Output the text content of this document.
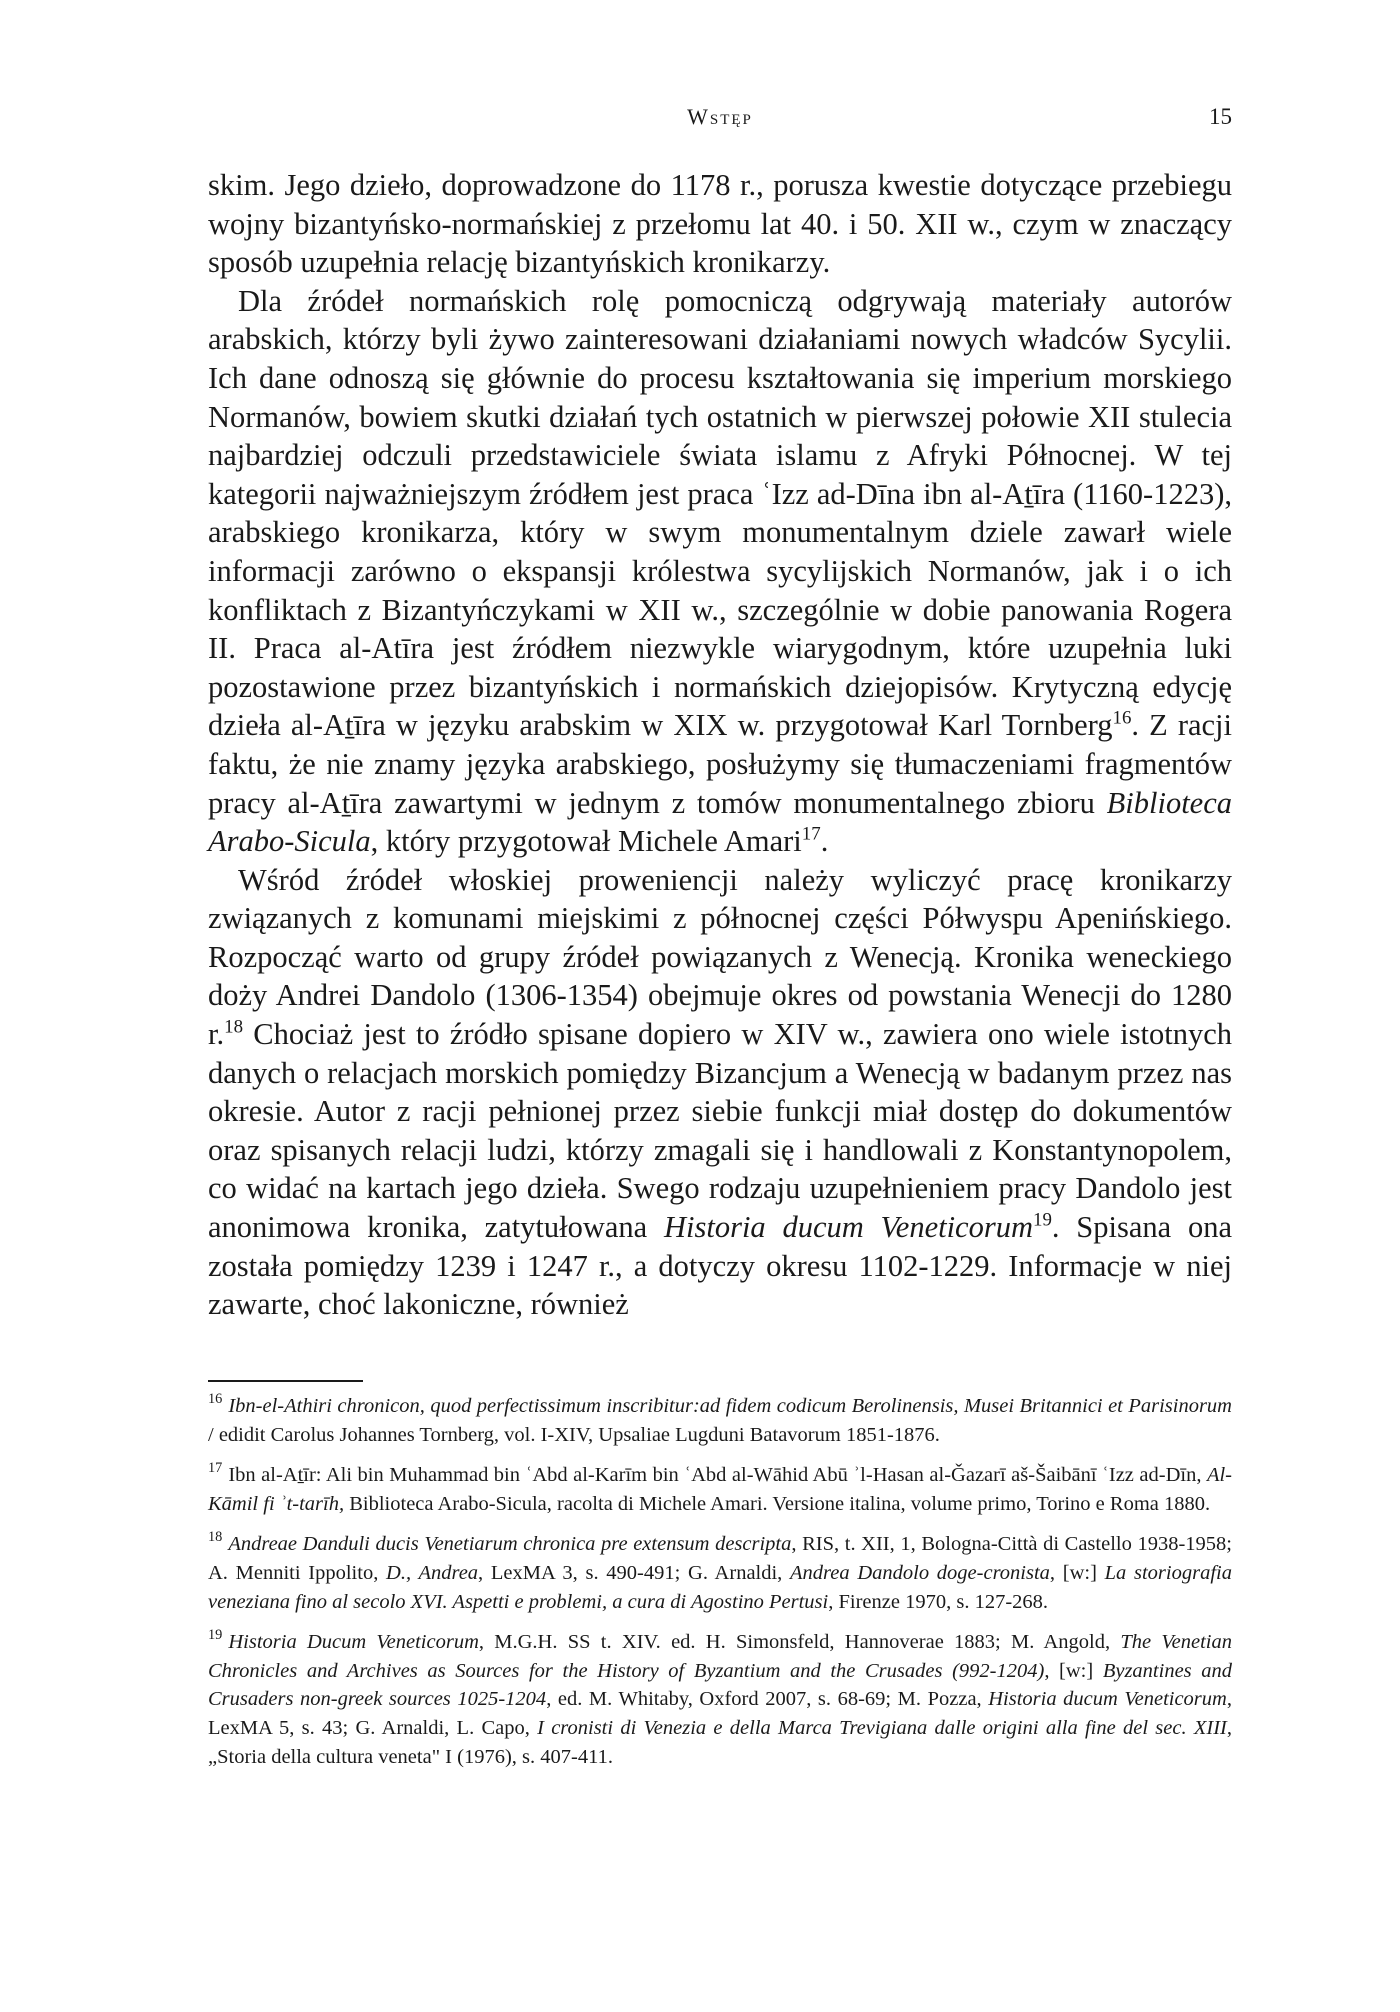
Wstęp	15

skim. Jego dzieło, doprowadzone do 1178 r., porusza kwestie dotyczące przebiegu wojny bizantyńsko-normańskiej z przełomu lat 40. i 50. XII w., czym w znaczący sposób uzupełnia relację bizantyńskich kronikarzy.

Dla źródeł normańskich rolę pomocniczą odgrywają materiały autorów arabskich, którzy byli żywo zainteresowani działaniami nowych władców Sycylii. Ich dane odnoszą się głównie do procesu kształtowania się imperium morskiego Normanów, bowiem skutki działań tych ostatnich w pierwszej połowie XII stulecia najbardziej odczuli przedstawiciele świata islamu z Afryki Północnej. W tej kategorii najważniejszym źródłem jest praca ʿIzz ad-Dīna ibn al-Aṯīra (1160-1223), arabskiego kronikarza, który w swym monumentalnym dziele zawarł wiele informacji zarówno o ekspansji królestwa sycylijskich Normanów, jak i o ich konfliktach z Bizantyńczykami w XII w., szczególnie w dobie panowania Rogera II. Praca al-Atīra jest źródłem niezwykle wiarygodnym, które uzupełnia luki pozostawione przez bizantyńskich i normańskich dziejopisów. Krytyczną edycję dzieła al-Aṯīra w języku arabskim w XIX w. przygotował Karl Tornberg$^{16}$. Z racji faktu, że nie znamy języka arabskiego, posłużymy się tłumaczeniami fragmentów pracy al-Aṯīra zawartymi w jednym z tomów monumentalnego zbioru Biblioteca Arabo-Sicula, który przygotował Michele Amari$^{17}$.

Wśród źródeł włoskiej proweniencji należy wyliczyć pracę kronikarzy związanych z komunami miejskimi z północnej części Półwyspu Apenińskiego. Rozpocząć warto od grupy źródeł powiązanych z Wenecją. Kronika weneckiego doży Andrei Dandolo (1306-1354) obejmuje okres od powstania Wenecji do 1280 r.$^{18}$ Chociaż jest to źródło spisane dopiero w XIV w., zawiera ono wiele istotnych danych o relacjach morskich pomiędzy Bizancjum a Wenecją w badanym przez nas okresie. Autor z racji pełnionej przez siebie funkcji miał dostęp do dokumentów oraz spisanych relacji ludzi, którzy zmagali się i handlowali z Konstantynopolem, co widać na kartach jego dzieła. Swego rodzaju uzupełnieniem pracy Dandolo jest anonimowa kronika, zatytułowana Historia ducum Veneticorum$^{19}$. Spisana ona została pomiędzy 1239 i 1247 r., a dotyczy okresu 1102-1229. Informacje w niej zawarte, choć lakoniczne, również

$^{16}$ Ibn-el-Athiri chronicon, quod perfectissimum inscribitur:ad fidem codicum Berolinensis, Musei Britannici et Parisinorum / edidit Carolus Johannes Tornberg, vol. I-XIV, Upsaliae Lugduni Batavorum 1851-1876.

$^{17}$ Ibn al-Aṯīr: Ali bin Muhammad bin ʿAbd al-Karīm bin ʿAbd al-Wāhid Abū ʾl-Hasan al-Ǧazarī aš-Šaibānī ʿIzz ad-Dīn, Al-Kāmil fi ʾt-tarīh, Biblioteca Arabo-Sicula, racolta di Michele Amari. Versione italina, volume primo, Torino e Roma 1880.

$^{18}$ Andreae Danduli ducis Venetiarum chronica pre extensum descripta, RIS, t. XII, 1, Bologna-Città di Castello 1938-1958; A. Menniti Ippolito, D., Andrea, LexMA 3, s. 490-491; G. Arnaldi, Andrea Dandolo doge-cronista, [w:] La storiografia veneziana fino al secolo XVI. Aspetti e problemi, a cura di Agostino Pertusi, Firenze 1970, s. 127-268.

$^{19}$ Historia Ducum Veneticorum, M.G.H. SS t. XIV. ed. H. Simonsfeld, Hannoverae 1883; M. Angold, The Venetian Chronicles and Archives as Sources for the History of Byzantium and the Crusades (992-1204), [w:] Byzantines and Crusaders non-greek sources 1025-1204, ed. M. Whitaby, Oxford 2007, s. 68-69; M. Pozza, Historia ducum Veneticorum, LexMA 5, s. 43; G. Arnaldi, L. Capo, I cronisti di Venezia e della Marca Trevigiana dalle origini alla fine del sec. XIII, „Storia della cultura veneta" I (1976), s. 407-411.
